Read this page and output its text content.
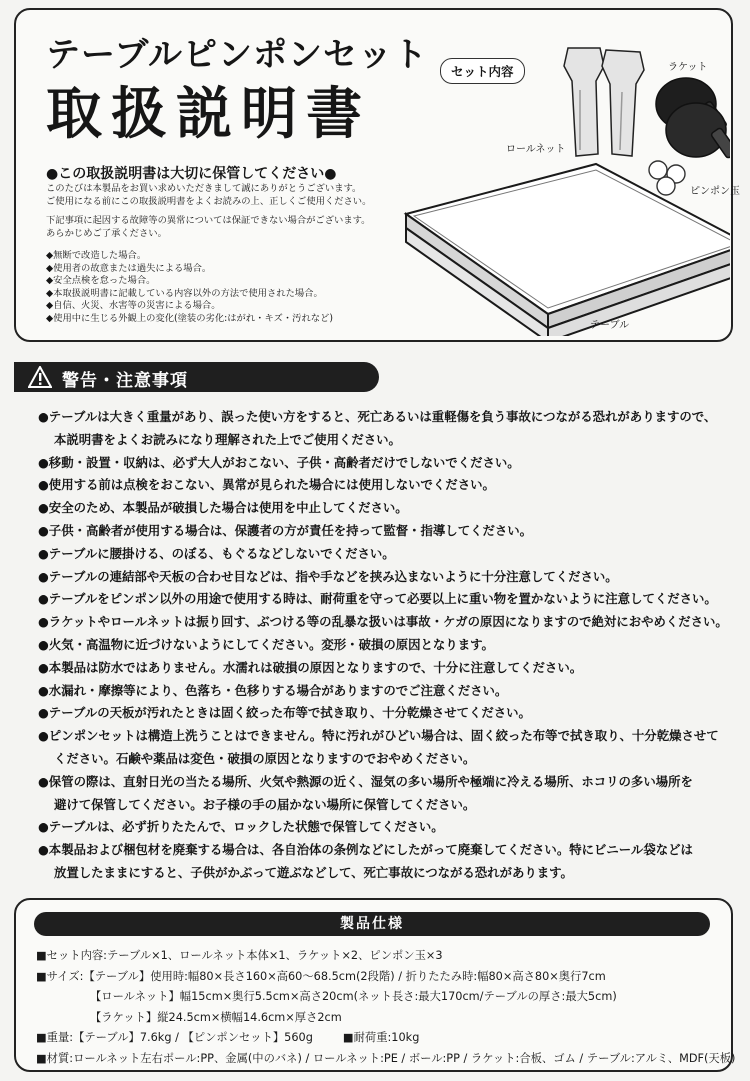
テーブルピンポンセット
取扱説明書
●この取扱説明書は大切に保管してください●

このたびは本製品をお買い求めいただきまして誠にありがとうございます。

ご使用になる前にこの取扱説明書をよくお読みの上、正しくご使用ください。

下記事項に起因する故障等の異常については保証できない場合がございます。

あらかじめご了承ください。

◆無断で改造した場合。

◆使用者の故意または過失による場合。

◆安全点検を怠った場合。

◆本取扱説明書に記載している内容以外の方法で使用された場合。

◆自信、火災、水害等の災害による場合。

◆使用中に生じる外観上の変化(塗装の劣化:はがれ・キズ・汚れなど)

セット内容
ロールネット
ラケット
ピンポン玉
テーブル
警告・注意事項
●テーブルは大きく重量があり、誤った使い方をすると、死亡あるいは重軽傷を負う事故につながる恐れがありますので、
本説明書をよくお読みになり理解された上でご使用ください。
●移動・設置・収納は、必ず大人がおこない、子供・高齢者だけでしないでください。
●使用する前は点検をおこない、異常が見られた場合には使用しないでください。
●安全のため、本製品が破損した場合は使用を中止してください。
●子供・高齢者が使用する場合は、保護者の方が責任を持って監督・指導してください。
●テーブルに腰掛ける、のぼる、もぐるなどしないでください。
●テーブルの連結部や天板の合わせ目などは、指や手などを挟み込まないように十分注意してください。
●テーブルをピンポン以外の用途で使用する時は、耐荷重を守って必要以上に重い物を置かないように注意してください。
●ラケットやロールネットは振り回す、ぶつける等の乱暴な扱いは事故・ケガの原因になりますので絶対におやめください。
●火気・高温物に近づけないようにしてください。変形・破損の原因となります。
●本製品は防水ではありません。水濡れは破損の原因となりますので、十分に注意してください。
●水漏れ・摩擦等により、色落ち・色移りする場合がありますのでご注意ください。
●テーブルの天板が汚れたときは固く絞った布等で拭き取り、十分乾燥させてください。
●ピンポンセットは構造上洗うことはできません。特に汚れがひどい場合は、固く絞った布等で拭き取り、十分乾燥させて
ください。石鹸や薬品は変色・破損の原因となりますのでおやめください。
●保管の際は、直射日光の当たる場所、火気や熱源の近く、湿気の多い場所や極端に冷える場所、ホコリの多い場所を
避けて保管してください。お子様の手の届かない場所に保管してください。
●テーブルは、必ず折りたたんで、ロックした状態で保管してください。
●本製品および梱包材を廃棄する場合は、各自治体の条例などにしたがって廃棄してください。特にビニール袋などは
放置したままにすると、子供がかぶって遊ぶなどして、死亡事故につながる恐れがあります。
製品仕様
■セット内容:テーブル×1、ロールネット本体×1、ラケット×2、ピンポン玉×3
■サイズ:【テーブル】使用時:幅80×長さ160×高60～68.5cm(2段階) / 折りたたみ時:幅80×高さ80×奥行7cm
【ロールネット】幅15cm×奥行5.5cm×高さ20cm(ネット長さ:最大170cm/テーブルの厚さ:最大5cm)
【ラケット】縦24.5cm×横幅14.6cm×厚さ2cm
■重量:【テーブル】7.6kg / 【ピンポンセット】560g	■耐荷重:10kg
■材質:ロールネット左右ポール:PP、金属(中のバネ) / ロールネット:PE / ボール:PP / ラケット:合板、ゴム / テーブル:アルミ、MDF(天板)
